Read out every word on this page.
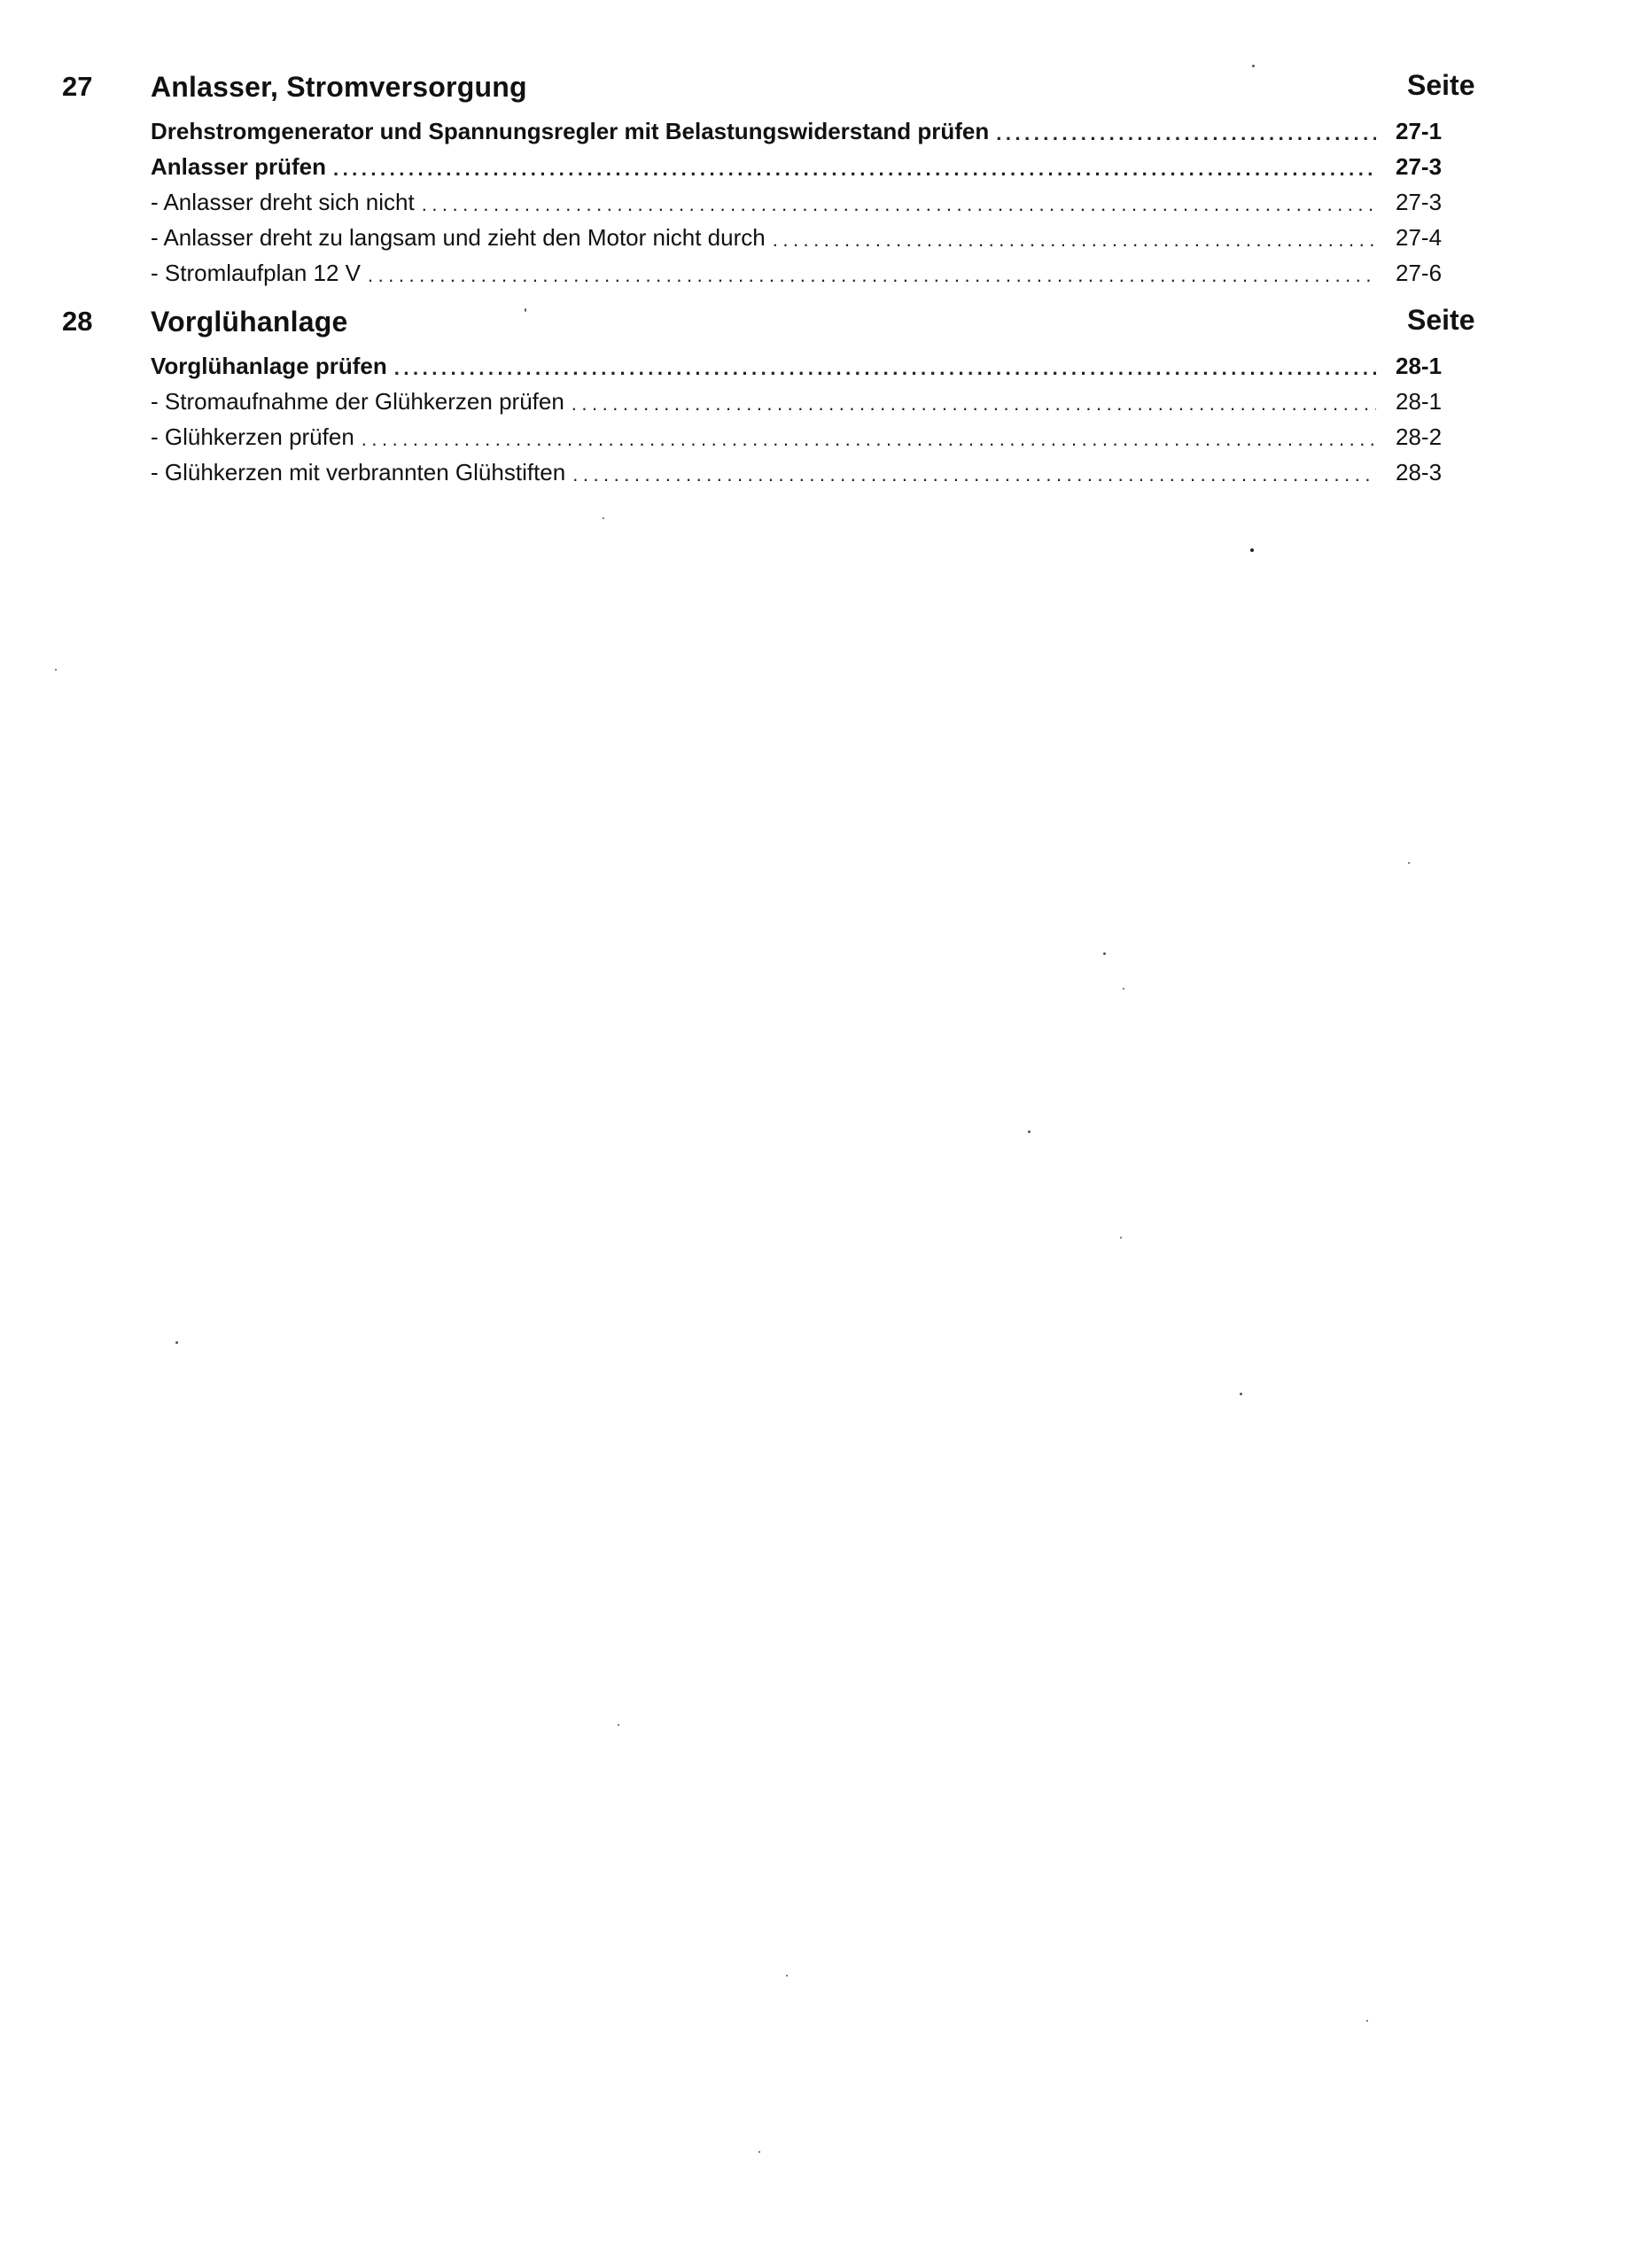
27 Anlasser, Stromversorgung	Seite
Drehstromgenerator und Spannungsregler mit Belastungswiderstand prüfen .....	27-1
Anlasser prüfen .....	27-3
- Anlasser dreht sich nicht .....	27-3
- Anlasser dreht zu langsam und zieht den Motor nicht durch .....	27-4
- Stromlaufplan 12 V .....	27-6
28 Vorglühanlage	Seite
Vorglühanlage prüfen .....	28-1
- Stromaufnahme der Glühkerzen prüfen .....	28-1
- Glühkerzen prüfen .....	28-2
- Glühkerzen mit verbrannten Glühstiften .....	28-3
